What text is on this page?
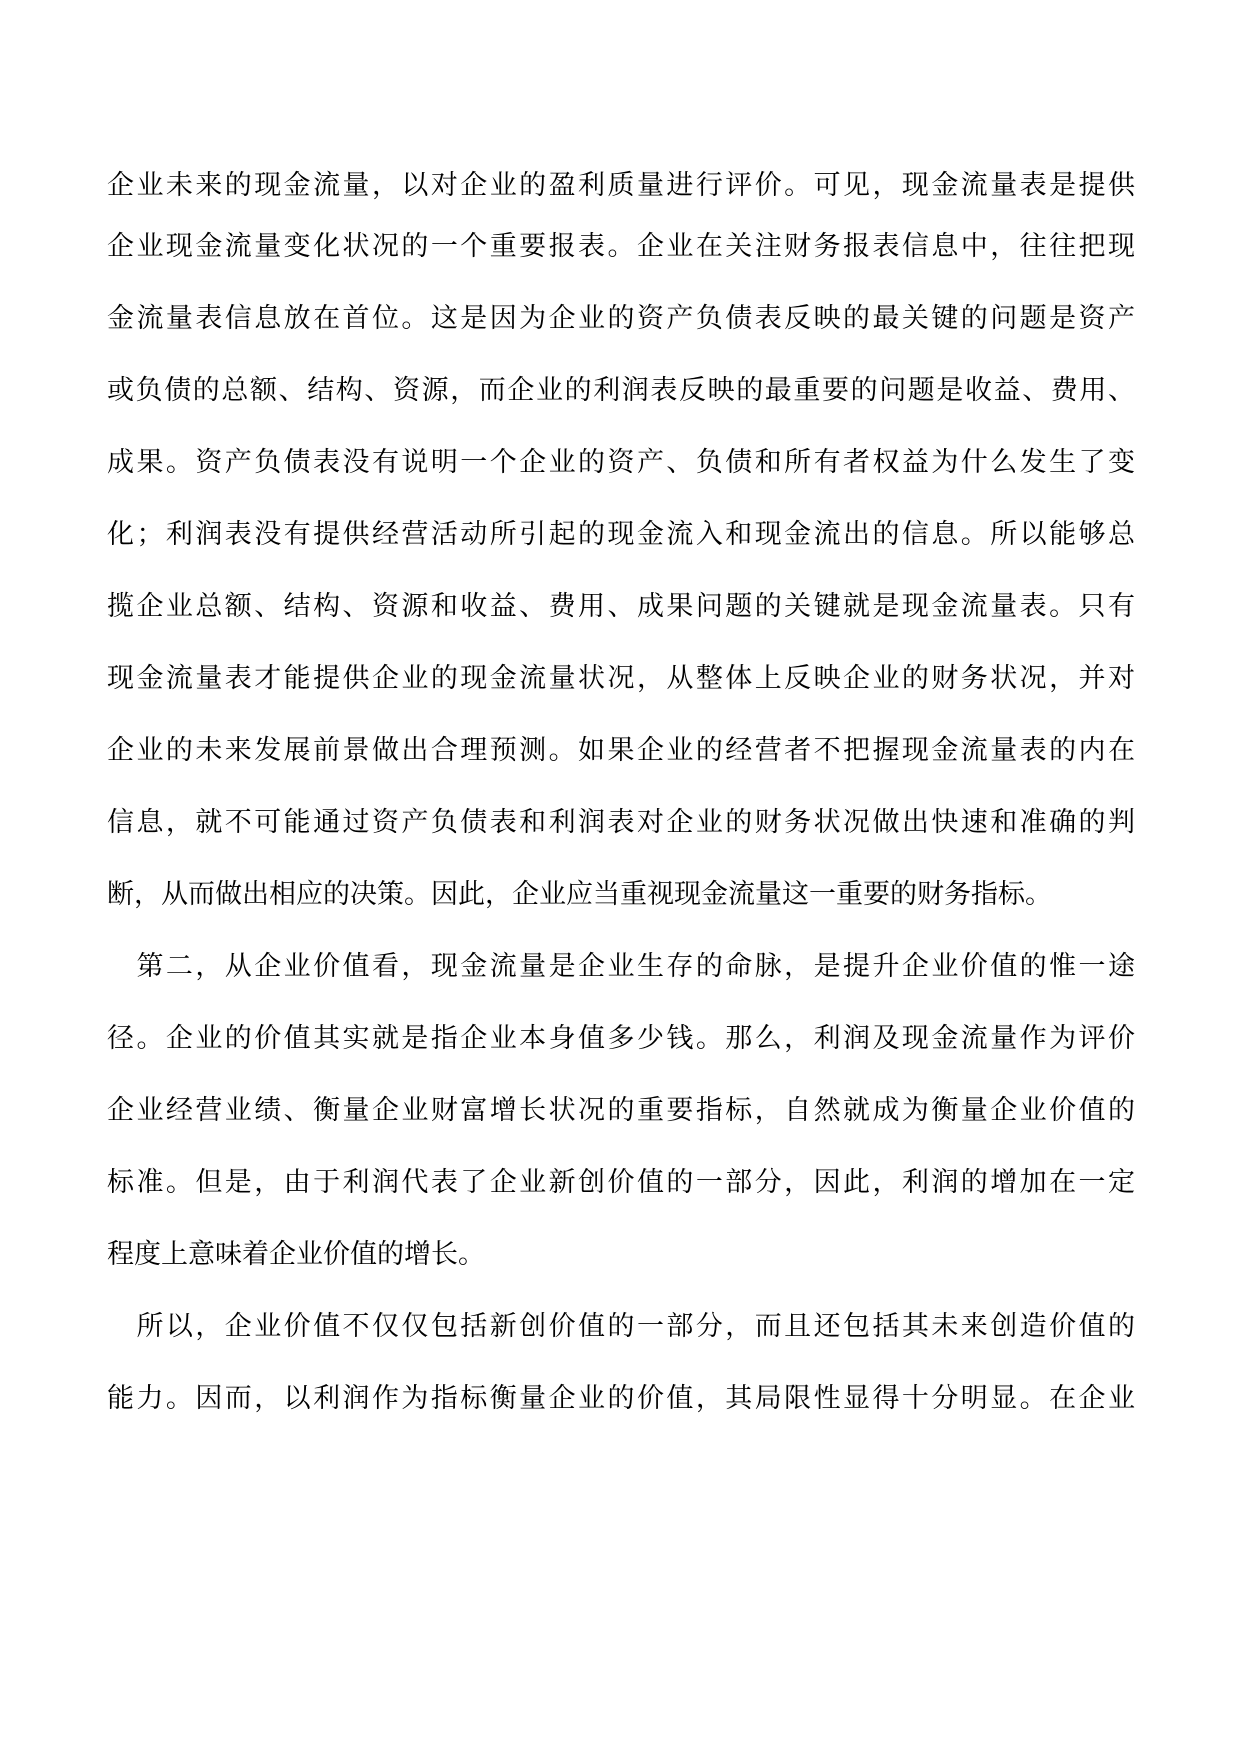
企业未来的现金流量，以对企业的盈利质量进行评价。可见，现金流量表是提供

企业现金流量变化状况的一个重要报表。企业在关注财务报表信息中，往往把现

金流量表信息放在首位。这是因为企业的资产负债表反映的最关键的问题是资产

或负债的总额、结构、资源，而企业的利润表反映的最重要的问题是收益、费用、

成果。资产负债表没有说明一个企业的资产、负债和所有者权益为什么发生了变

化；利润表没有提供经营活动所引起的现金流入和现金流出的信息。所以能够总

揽企业总额、结构、资源和收益、费用、成果问题的关键就是现金流量表。只有

现金流量表才能提供企业的现金流量状况，从整体上反映企业的财务状况，并对

企业的未来发展前景做出合理预测。如果企业的经营者不把握现金流量表的内在

信息，就不可能通过资产负债表和利润表对企业的财务状况做出快速和准确的判

断，从而做出相应的决策。因此，企业应当重视现金流量这一重要的财务指标。

　第二，从企业价值看，现金流量是企业生存的命脉，是提升企业价值的惟一途

径。企业的价值其实就是指企业本身值多少钱。那么，利润及现金流量作为评价

企业经营业绩、衡量企业财富增长状况的重要指标，自然就成为衡量企业价值的

标准。但是，由于利润代表了企业新创价值的一部分，因此，利润的增加在一定

程度上意味着企业价值的增长。

　所以，企业价值不仅仅包括新创价值的一部分，而且还包括其未来创造价值的

能力。因而，以利润作为指标衡量企业的价值，其局限性显得十分明显。在企业
